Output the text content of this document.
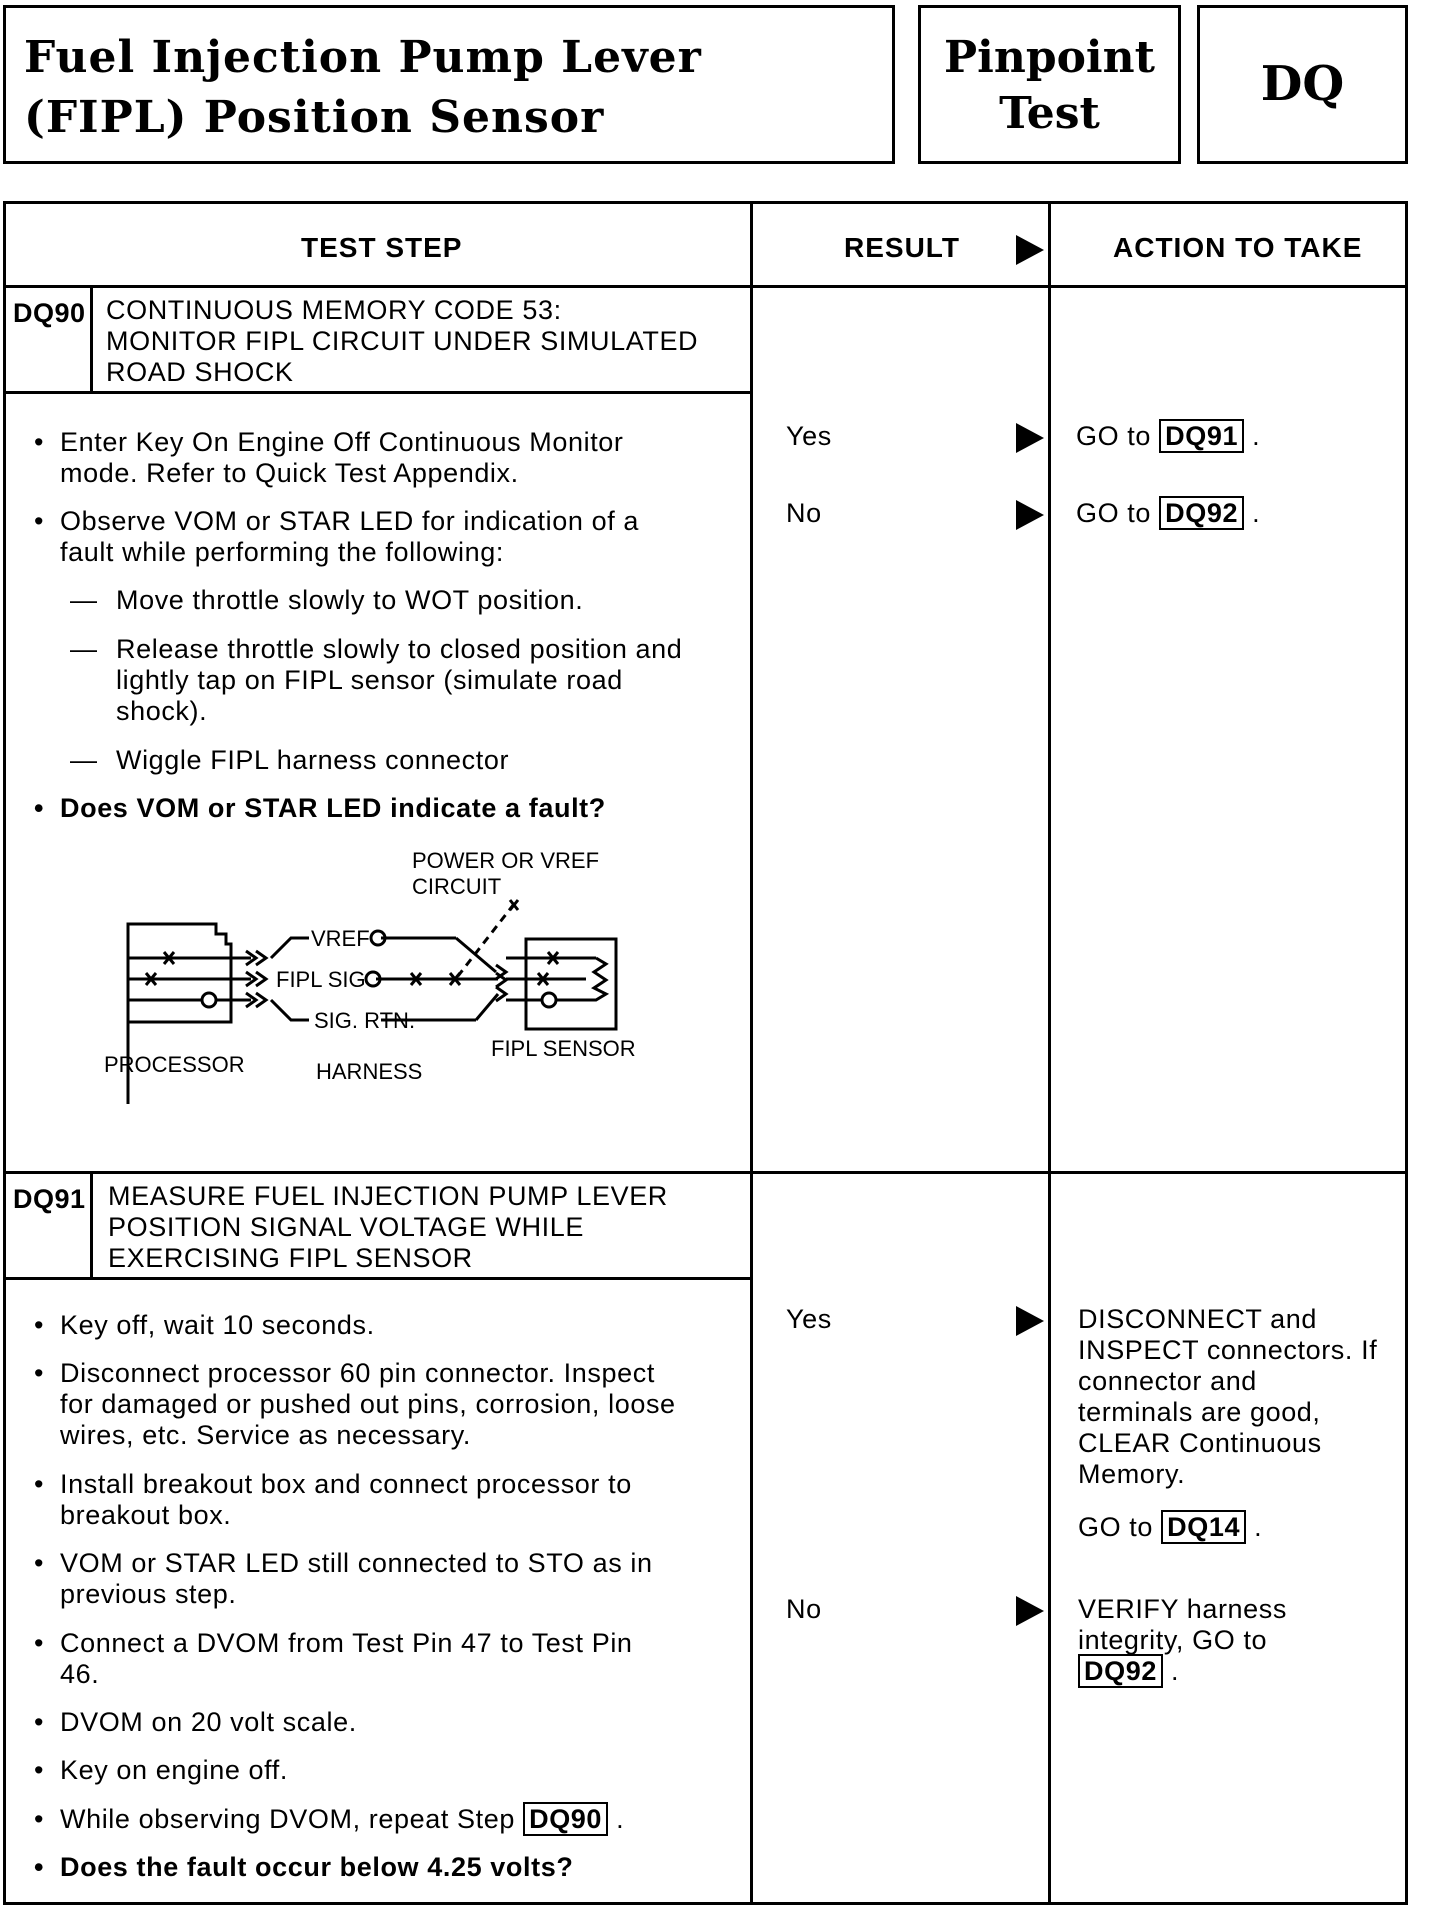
Fuel Injection Pump Lever
(FIPL) Position Sensor
Pinpoint
Test
DQ
TEST STEP	RESULT	ACTION TO TAKE
DQ90 CONTINUOUS MEMORY CODE 53:
MONITOR FIPL CIRCUIT UNDER SIMULATED
ROAD SHOCK
• Enter Key On Engine Off Continuous Monitor
mode. Refer to Quick Test Appendix.
• Observe VOM or STAR LED for indication of a
fault while performing the following:
— Move throttle slowly to WOT position.
— Release throttle slowly to closed position and
lightly tap on FIPL sensor (simulate road
shock).
— Wiggle FIPL harness connector
• Does VOM or STAR LED indicate a fault?
POWER OR VREF
CIRCUIT
VREF
FIPL SIG
SIG. RTN.
PROCESSOR	HARNESS
FIPL SENSOR
Yes	GO to DQ91 .
No	GO to DQ92 .
DQ91 MEASURE FUEL INJECTION PUMP LEVER
POSITION SIGNAL VOLTAGE WHILE
EXERCISING FIPL SENSOR
• Key off, wait 10 seconds.
• Disconnect processor 60 pin connector. Inspect
for damaged or pushed out pins, corrosion, loose
wires, etc. Service as necessary.
• Install breakout box and connect processor to
breakout box.
• VOM or STAR LED still connected to STO as in
previous step.
• Connect a DVOM from Test Pin 47 to Test Pin
46.
• DVOM on 20 volt scale.
• Key on engine off.
• While observing DVOM, repeat Step DQ90 .
• Does the fault occur below 4.25 volts?
Yes	DISCONNECT and
INSPECT connectors. If
connector and
terminals are good,
CLEAR Continuous
Memory.
GO to DQ14 .
No	VERIFY harness
integrity, GO to
DQ92 .
